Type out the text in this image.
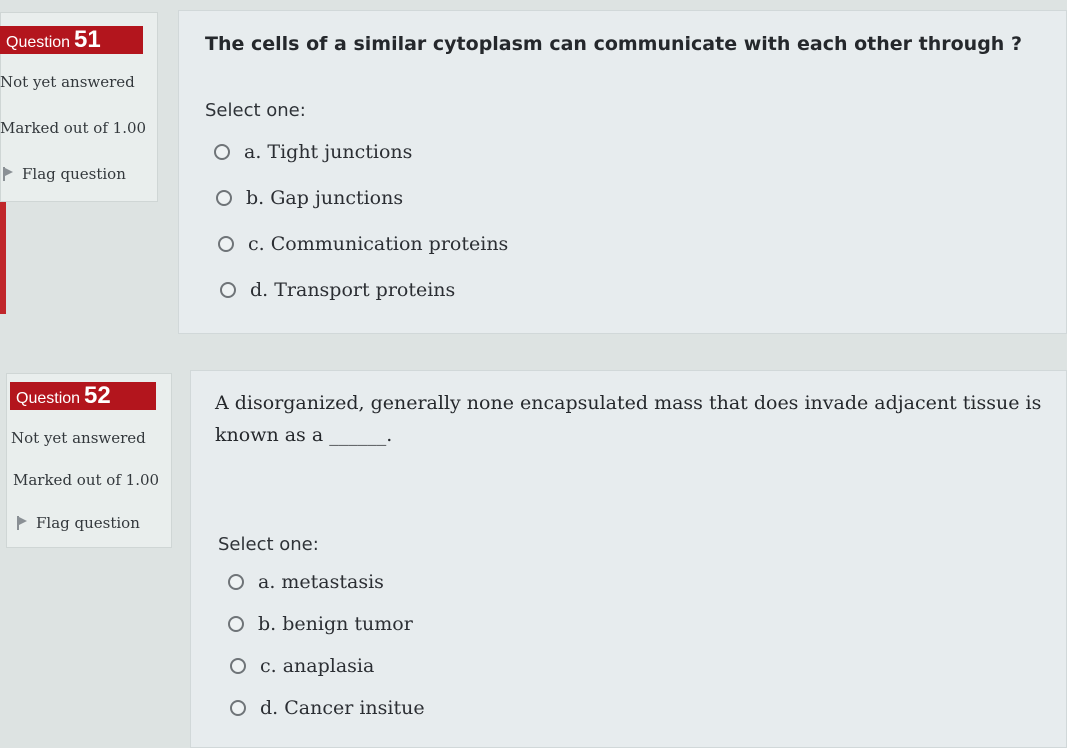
Question 51
Not yet answered
Marked out of 1.00
Flag question
The cells of a similar cytoplasm can communicate with each other through ?
Select one:
a. Tight junctions
b. Gap junctions
c. Communication proteins
d. Transport proteins
Question 52
Not yet answered
Marked out of 1.00
Flag question
A disorganized, generally none encapsulated mass that does invade adjacent tissue is
known as a ______.
Select one:
a. metastasis
b. benign tumor
c. anaplasia
d. Cancer insitue
